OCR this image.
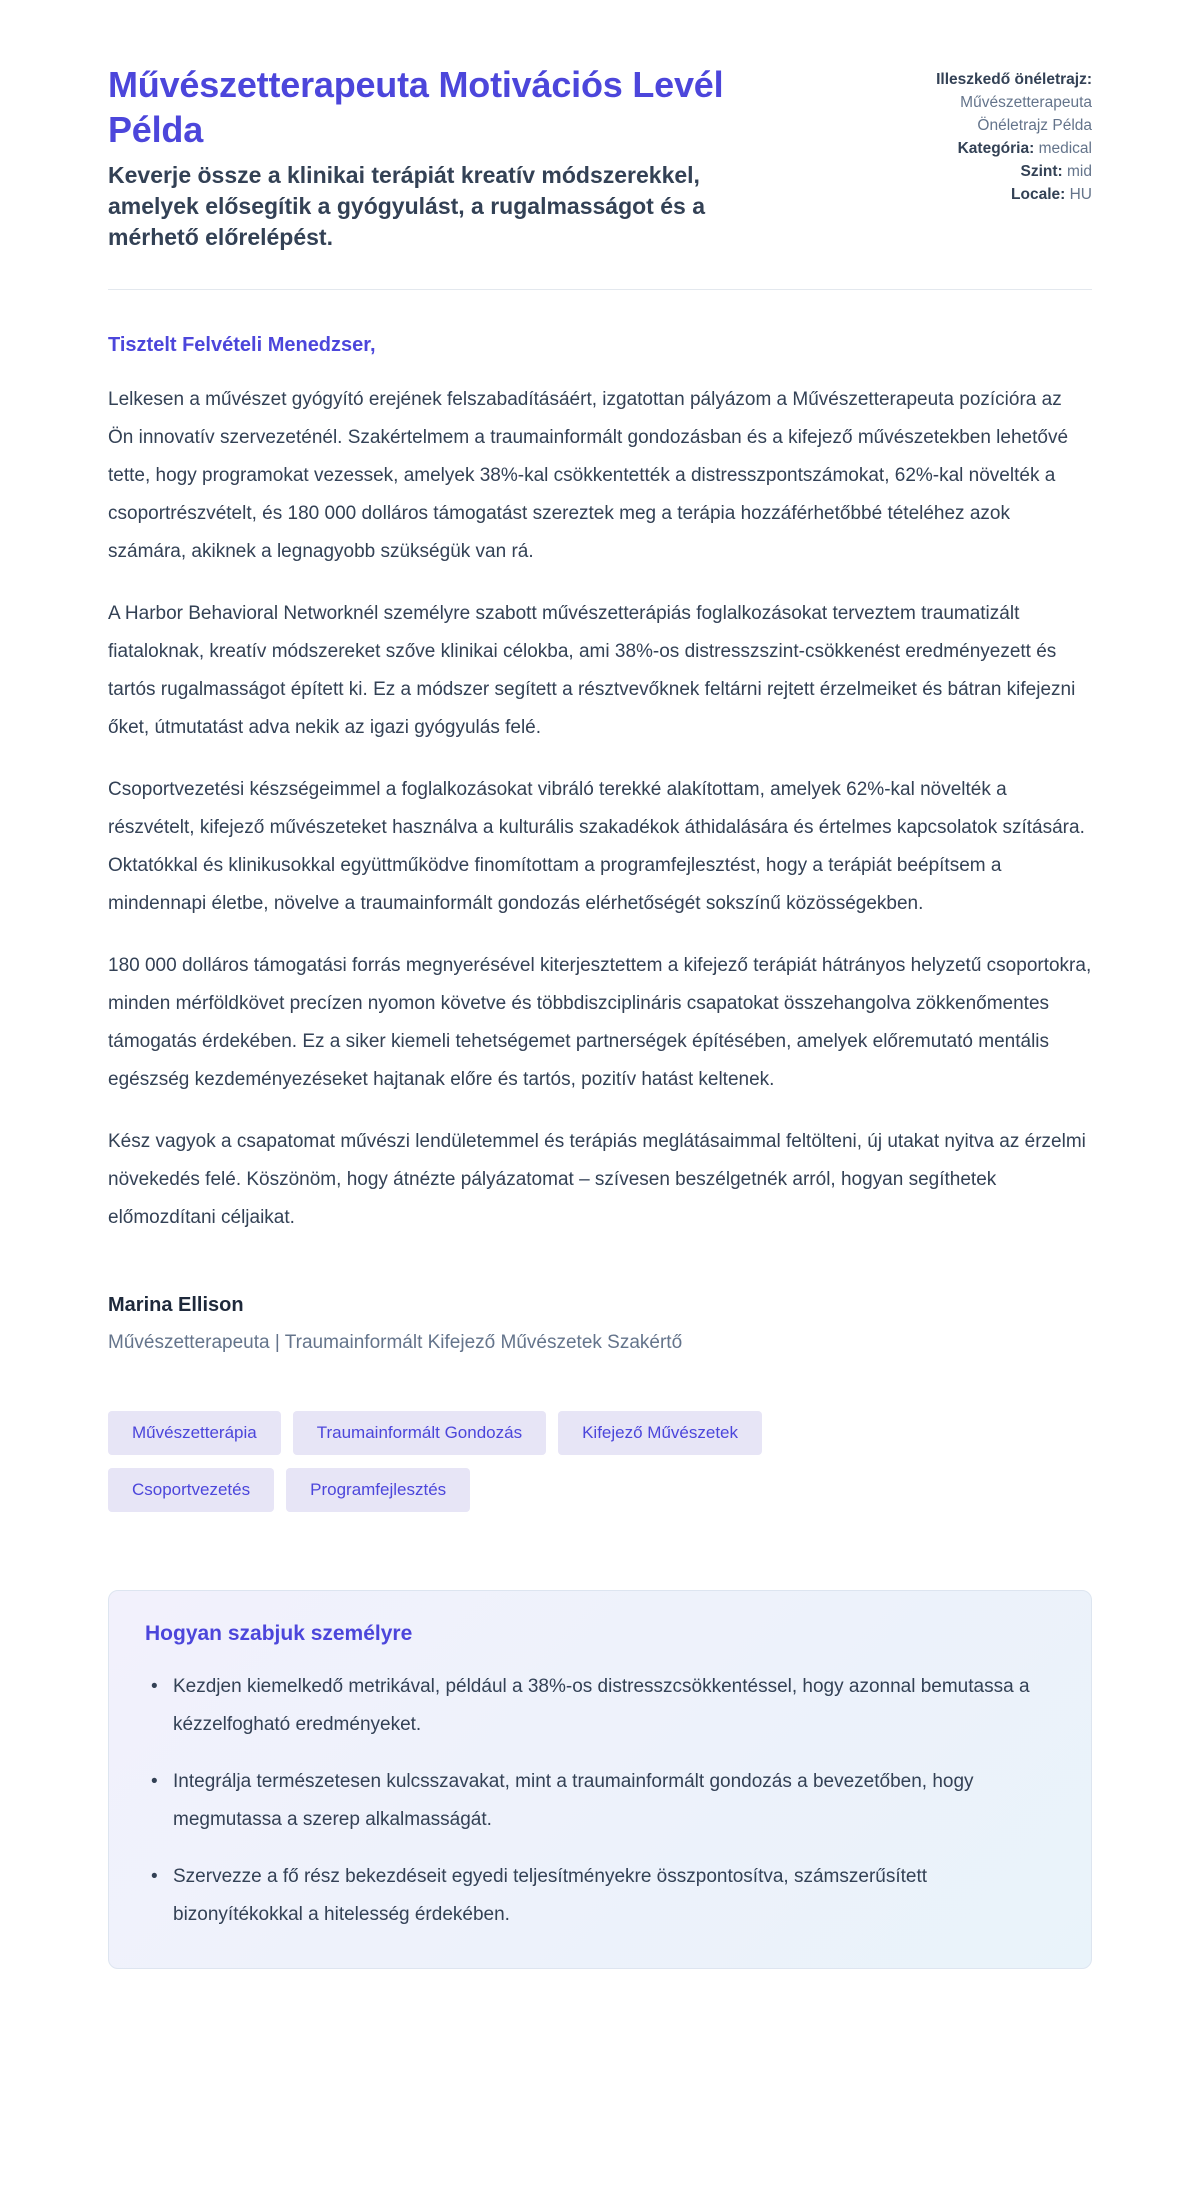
Művészetterapeuta Motivációs Levél Példa

Keverje össze a klinikai terápiát kreatív módszerekkel, amelyek elősegítik a gyógyulást, a rugalmasságot és a mérhető előrelépést.

Illeszkedő önéletrajz:
Művészetterapeuta Önéletrajz Példa
Kategória: medical
Szint: mid
Locale: HU

Tisztelt Felvételi Menedzser,

Lelkesen a művészet gyógyító erejének felszabadításáért, izgatottan pályázom a Művészetterapeuta pozícióra az Ön innovatív szervezeténél. Szakértelmem a traumainformált gondozásban és a kifejező művészetekben lehetővé tette, hogy programokat vezessek, amelyek 38%-kal csökkentették a distresszpontszámokat, 62%-kal növelték a csoportrészvételt, és 180 000 dolláros támogatást szereztek meg a terápia hozzáférhetőbbé tételéhez azok számára, akiknek a legnagyobb szükségük van rá.

A Harbor Behavioral Networknél személyre szabott művészetterápiás foglalkozásokat terveztem traumatizált fiataloknak, kreatív módszereket szőve klinikai célokba, ami 38%-os distresszszint-csökkenést eredményezett és tartós rugalmasságot épített ki. Ez a módszer segített a résztvevőknek feltárni rejtett érzelmeiket és bátran kifejezni őket, útmutatást adva nekik az igazi gyógyulás felé.

Csoportvezetési készségeimmel a foglalkozásokat vibráló terekké alakítottam, amelyek 62%-kal növelték a részvételt, kifejező művészeteket használva a kulturális szakadékok áthidalására és értelmes kapcsolatok szítására. Oktatókkal és klinikusokkal együttműködve finomítottam a programfejlesztést, hogy a terápiát beépítsem a mindennapi életbe, növelve a traumainformált gondozás elérhetőségét sokszínű közösségekben.

180 000 dolláros támogatási forrás megnyerésével kiterjesztettem a kifejező terápiát hátrányos helyzetű csoportokra, minden mérföldkövet precízen nyomon követve és többdiszciplináris csapatokat összehangolva zökkenőmentes támogatás érdekében. Ez a siker kiemeli tehetségemet partnerségek építésében, amelyek előremutató mentális egészség kezdeményezéseket hajtanak előre és tartós, pozitív hatást keltenek.

Kész vagyok a csapatomat művészi lendületemmel és terápiás meglátásaimmal feltölteni, új utakat nyitva az érzelmi növekedés felé. Köszönöm, hogy átnézte pályázatomat – szívesen beszélgetnék arról, hogyan segíthetek előmozdítani céljaikat.

Marina Ellison

Művészetterapeuta | Traumainformált Kifejező Művészetek Szakértő

Művészetterápia	Traumainformált Gondozás	Kifejező Művészetek
Csoportvezetés	Programfejlesztés
Hogyan szabjuk személyre
• Kezdjen kiemelkedő metrikával, például a 38%-os distresszcsökkentéssel, hogy azonnal bemutassa a kézzelfogható eredményeket.
• Integrálja természetesen kulcsszavakat, mint a traumainformált gondozás a bevezetőben, hogy megmutassa a szerep alkalmasságát.
• Szervezze a fő rész bekezdéseit egyedi teljesítményekre összpontosítva, számszerűsített bizonyítékokkal a hitelesség érdekében.
